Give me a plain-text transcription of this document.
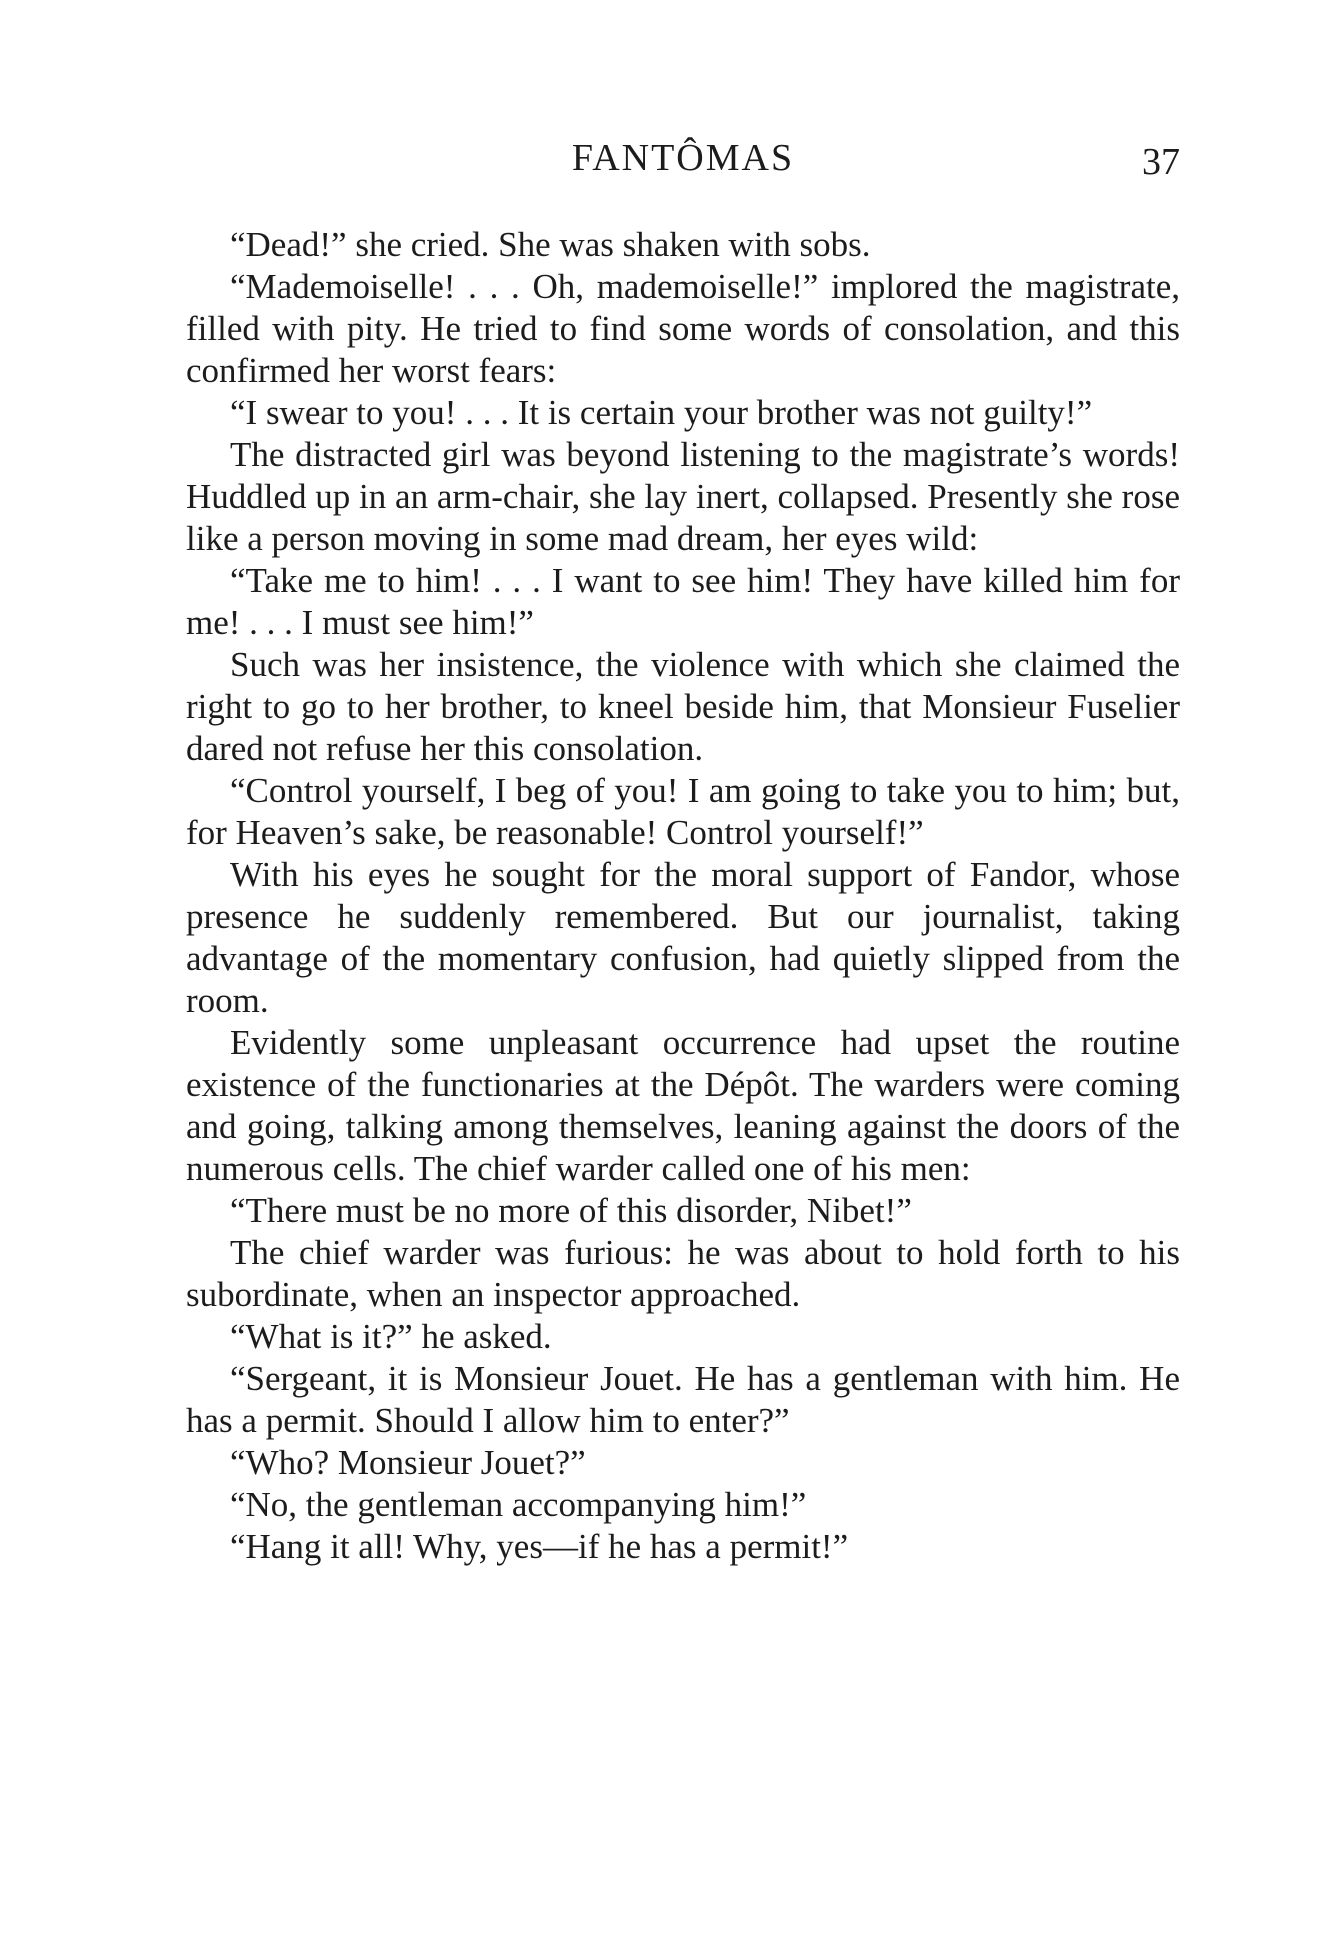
FANTÔMAS	37

“Dead!” she cried. She was shaken with sobs.

“Mademoiselle! . . . Oh, mademoiselle!” implored the magistrate, filled with pity. He tried to find some words of consolation, and this confirmed her worst fears:

“I swear to you! . . . It is certain your brother was not guilty!”

The distracted girl was beyond listening to the magistrate’s words! Huddled up in an arm-chair, she lay inert, collapsed. Presently she rose like a person moving in some mad dream, her eyes wild:

“Take me to him! . . . I want to see him! They have killed him for me! . . . I must see him!”

Such was her insistence, the violence with which she claimed the right to go to her brother, to kneel beside him, that Monsieur Fuselier dared not refuse her this consolation.

“Control yourself, I beg of you! I am going to take you to him; but, for Heaven’s sake, be reasonable! Control yourself!”

With his eyes he sought for the moral support of Fandor, whose presence he suddenly remembered. But our journalist, taking advantage of the momentary confusion, had quietly slipped from the room.

Evidently some unpleasant occurrence had upset the routine existence of the functionaries at the Dépôt. The warders were coming and going, talking among themselves, leaning against the doors of the numerous cells. The chief warder called one of his men:

“There must be no more of this disorder, Nibet!”

The chief warder was furious: he was about to hold forth to his subordinate, when an inspector approached.

“What is it?” he asked.

“Sergeant, it is Monsieur Jouet. He has a gentleman with him. He has a permit. Should I allow him to enter?”

“Who? Monsieur Jouet?”

“No, the gentleman accompanying him!”

“Hang it all! Why, yes—if he has a permit!”
